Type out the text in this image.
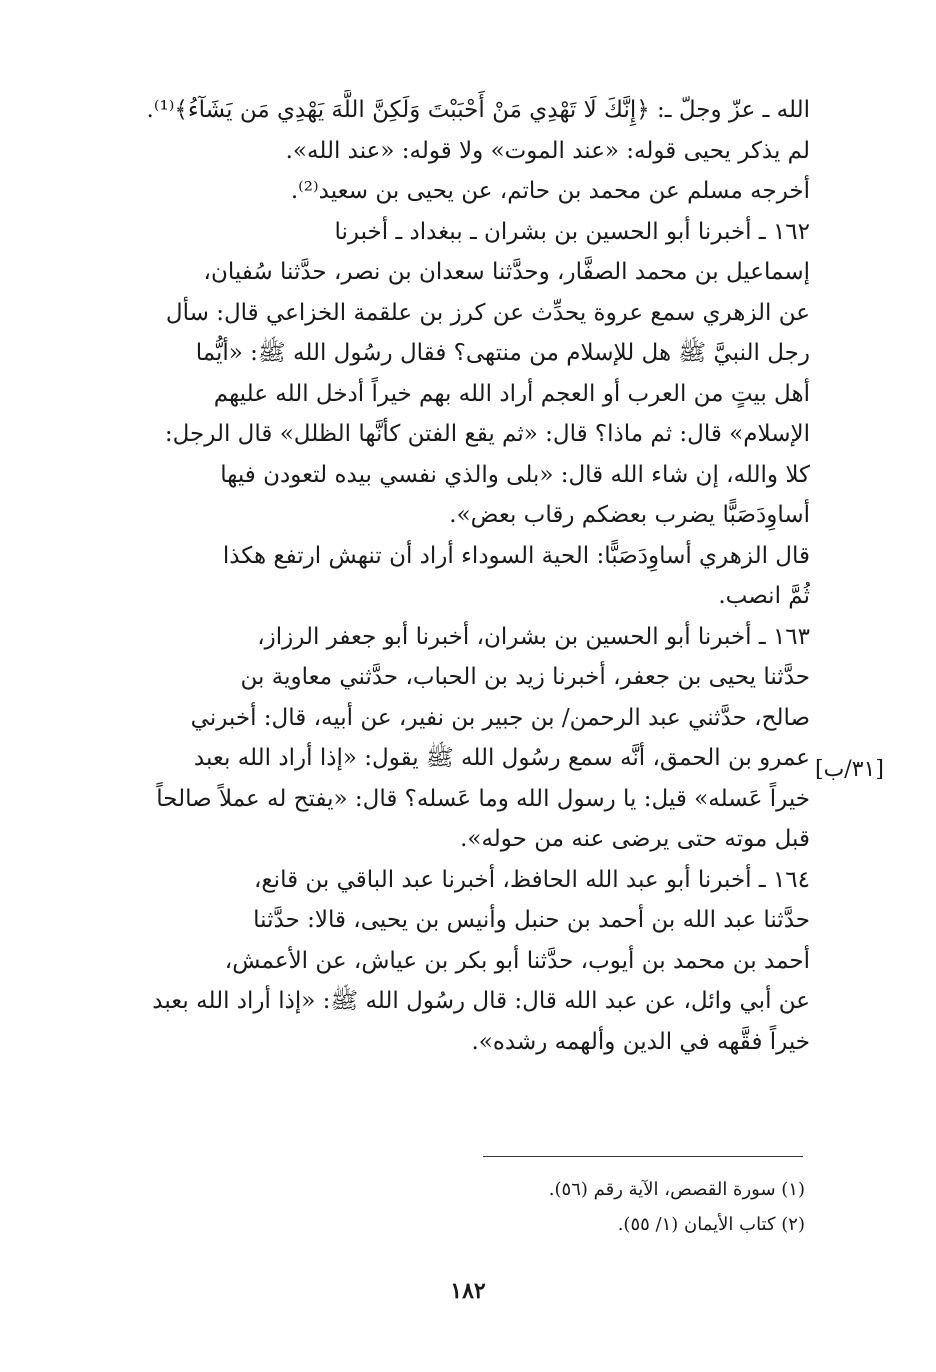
الله ـ عزّ وجلّ ـ: ﴿إِنَّكَ لَا تَهْدِي مَنْ أَحْبَبْتَ وَلَكِنَّ اللَّهَ يَهْدِي مَن يَشَآءُ﴾⁽¹⁾.
لم يذكر يحيى قوله: «عند الموت» ولا قوله: «عند الله».
أخرجه مسلم عن محمد بن حاتم، عن يحيى بن سعيد⁽²⁾.
١٦٢ ـ أخبرنا أبو الحسين بن بشران ـ ببغداد ـ أخبرنا
إسماعيل بن محمد الصفَّار، وحدَّثنا سعدان بن نصر، حدَّثنا سُفيان،
عن الزهري سمع عروة يحدِّث عن كرز بن علقمة الخزاعي قال: سأل
رجل النبيَّ ﷺ هل للإسلام من منتهى؟ فقال رسُول الله ﷺ: «أيُّما
أهل بيتٍ من العرب أو العجم أراد الله بهم خيراً أدخل الله عليهم
الإسلام» قال: ثم ماذا؟ قال: «ثم يقع الفتن كأنَّها الظلل» قال الرجل:
كلا والله، إن شاء الله قال: «بلى والذي نفسي بيده لتعودن فيها
أساوِدَصَبًّا يضرب بعضكم رقاب بعض».
قال الزهري أساوِدَصَبًّا: الحية السوداء أراد أن تنهش ارتفع هكذا
ثُمَّ انصب.
١٦٣ ـ أخبرنا أبو الحسين بن بشران، أخبرنا أبو جعفر الرزاز،
حدَّثنا يحيى بن جعفر، أخبرنا زيد بن الحباب، حدَّثني معاوية بن
صالح، حدَّثني عبد الرحمن/ بن جبير بن نفير، عن أبيه، قال: أخبرني
عمرو بن الحمق، أنَّه سمع رسُول الله ﷺ يقول: «إذا أراد الله بعبد
خيراً عَسله» قيل: يا رسول الله وما عَسله؟ قال: «يفتح له عملاً صالحاً
قبل موته حتى يرضى عنه من حوله».
١٦٤ ـ أخبرنا أبو عبد الله الحافظ، أخبرنا عبد الباقي بن قانع،
حدَّثنا عبد الله بن أحمد بن حنبل وأنيس بن يحيى، قالا: حدَّثنا
أحمد بن محمد بن أيوب، حدَّثنا أبو بكر بن عياش، عن الأعمش،
عن أبي وائل، عن عبد الله قال: قال رسُول الله ﷺ: «إذا أراد الله بعبد
خيراً فقَّهه في الدين وألهمه رشده».
[٣١/ب]
(١) سورة القصص، الآية رقم (٥٦).
(٢) كتاب الأيمان (١/ ٥٥).
١٨٢
